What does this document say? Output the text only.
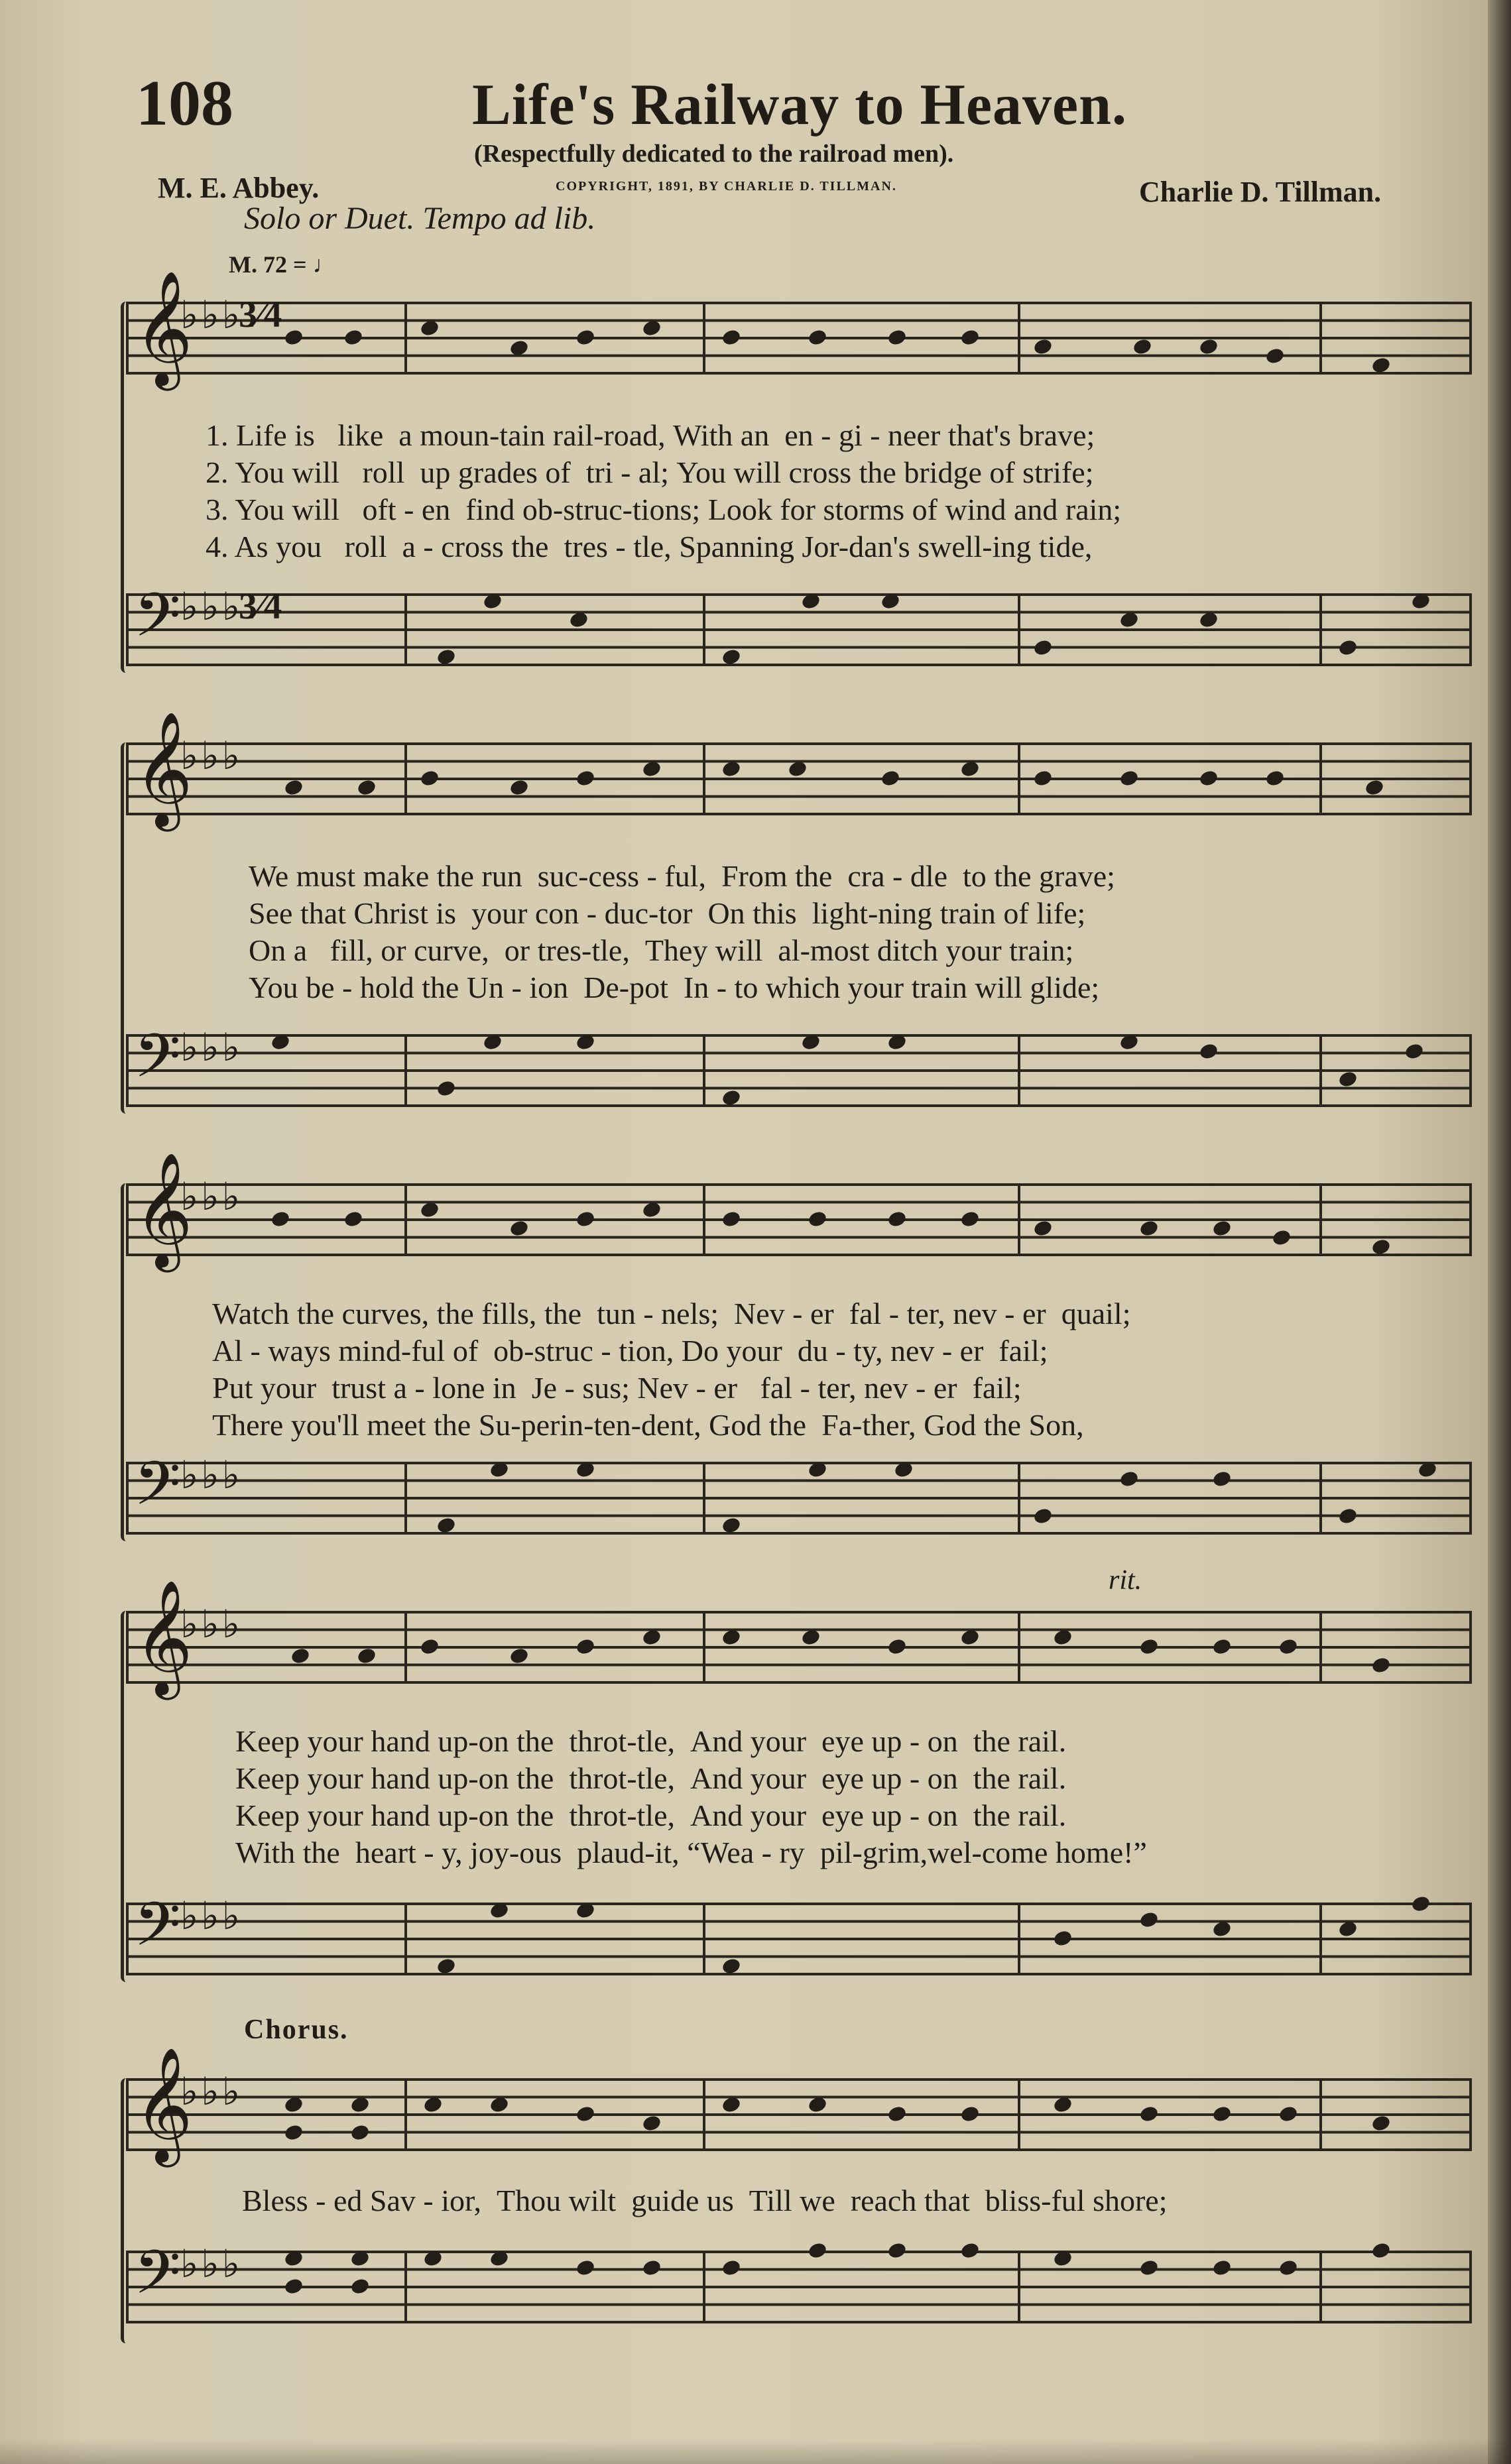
108	Life's Railway to Heaven.
(Respectfully dedicated to the railroad men).
M. E. Abbey.	COPYRIGHT, 1891, BY CHARLIE D. TILLMAN.	Charlie D. Tillman.
Solo or Duet. Tempo ad lib.
M. 72 = ♩
𝄞
♭♭♭
3⁄4
1. Life is like a moun-tain rail-road, With an en - gi - neer that's brave;
2. You will roll up grades of tri - al; You will cross the bridge of strife;
3. You will oft - en find ob-struc-tions; Look for storms of wind and rain;
4. As you roll a - cross the tres - tle, Spanning Jor-dan's swell-ing tide,
𝄢 ♭♭♭
3⁄4
𝄞
♭♭♭
We must make the run suc-cess - ful, From the cra - dle to the grave;
See that Christ is your con - duc-tor On this light-ning train of life;
On a fill, or curve, or tres-tle, They will al-most ditch your train;
You be - hold the Un - ion De-pot In - to which your train will glide;
𝄢 ♭♭♭
𝄞
♭♭♭
Watch the curves, the fills, the tun - nels; Nev - er fal - ter, nev - er quail;
Al - ways mind-ful of ob-struc - tion, Do your du - ty, nev - er fail;
Put your trust a - lone in Je - sus; Nev - er fal - ter, nev - er fail;
There you'll meet the Su-perin-ten-dent, God the Fa-ther, God the Son,
𝄢 ♭♭♭
rit.
𝄞
♭♭♭
Keep your hand up-on the throt-tle, And your eye up - on the rail.
Keep your hand up-on the throt-tle, And your eye up - on the rail.
Keep your hand up-on the throt-tle, And your eye up - on the rail.
With the heart - y, joy-ous plaud-it, “Wea - ry pil-grim,wel-come home!”
𝄢 ♭♭♭
Chorus.
𝄞
♭♭♭
Bless - ed Sav - ior, Thou wilt guide us Till we reach that bliss-ful shore;
𝄢 ♭♭♭
